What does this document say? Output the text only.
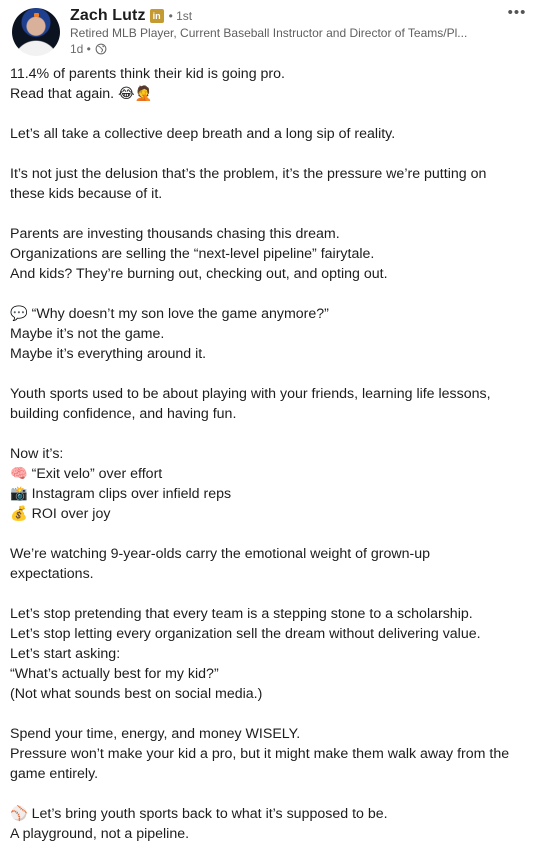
Zach Lutz in • 1st
Retired MLB Player, Current Baseball Instructor and Director of Teams/Pl...
1d •
•••
11.4% of parents think their kid is going pro.
Read that again. 😂🤦
Let’s all take a collective deep breath and a long sip of reality.
It’s not just the delusion that’s the problem, it’s the pressure we’re putting on
these kids because of it.
Parents are investing thousands chasing this dream.
Organizations are selling the “next-level pipeline” fairytale.
And kids? They’re burning out, checking out, and opting out.
💬 “Why doesn’t my son love the game anymore?”
Maybe it’s not the game.
Maybe it’s everything around it.
Youth sports used to be about playing with your friends, learning life lessons,
building confidence, and having fun.
Now it’s:
🧠 “Exit velo” over effort
📸 Instagram clips over infield reps
💰 ROI over joy
We’re watching 9-year-olds carry the emotional weight of grown-up
expectations.
Let’s stop pretending that every team is a stepping stone to a scholarship.
Let’s stop letting every organization sell the dream without delivering value.
Let’s start asking:
“What’s actually best for my kid?”
(Not what sounds best on social media.)
Spend your time, energy, and money WISELY.
Pressure won’t make your kid a pro, but it might make them walk away from the
game entirely.
⚾ Let’s bring youth sports back to what it’s supposed to be.
A playground, not a pipeline.
